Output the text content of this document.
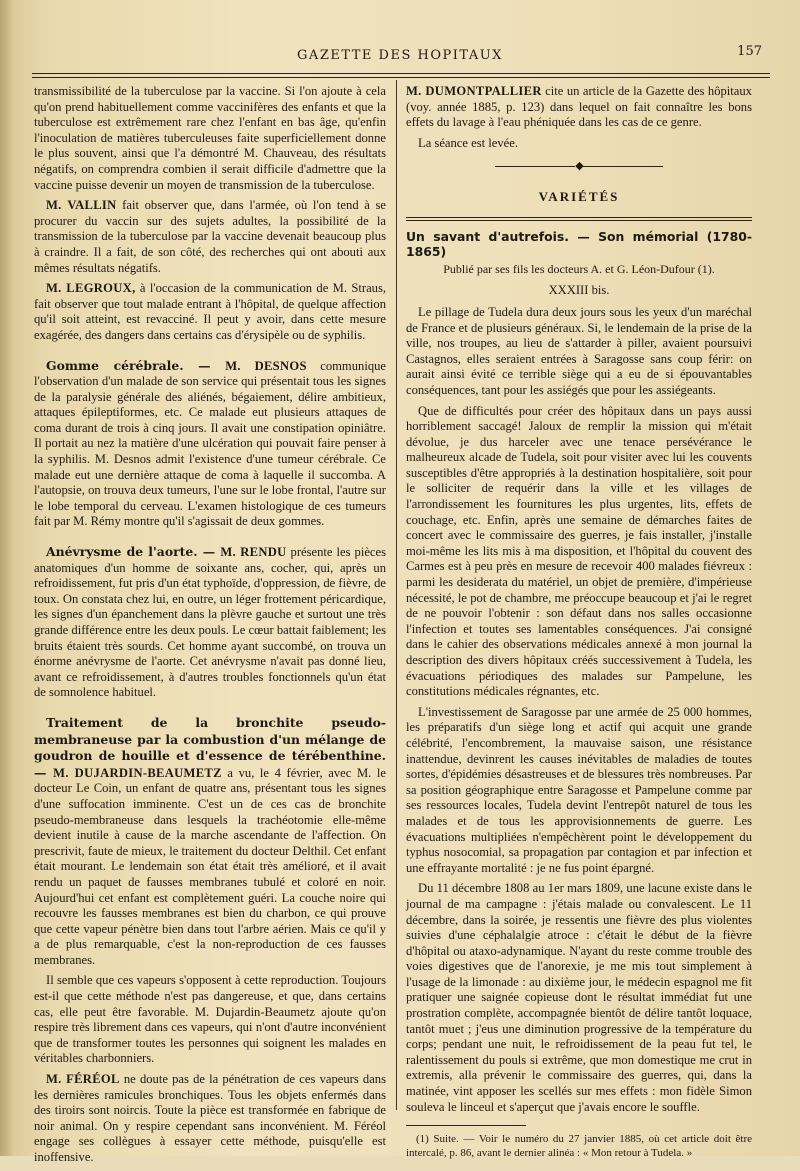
GAZETTE DES HOPITAUX	157

transmissibilité de la tuberculose par la vaccine. Si l'on ajoute à cela qu'on prend habituellement comme vaccinifères des enfants et que la tuberculose est extrêmement rare chez l'enfant en bas âge, qu'enfin l'inoculation de matières tuberculeuses faite superficiellement donne le plus souvent, ainsi que l'a démontré M. Chauveau, des résultats négatifs, on comprendra combien il serait difficile d'admettre que la vaccine puisse devenir un moyen de transmission de la tuberculose.

M. VALLIN fait observer que, dans l'armée, où l'on tend à se procurer du vaccin sur des sujets adultes, la possibilité de la transmission de la tuberculose par la vaccine devenait beaucoup plus à craindre. Il a fait, de son côté, des recherches qui ont abouti aux mêmes résultats négatifs.

M. LEGROUX, à l'occasion de la communication de M. Straus, fait observer que tout malade entrant à l'hôpital, de quelque affection qu'il soit atteint, est revacciné. Il peut y avoir, dans cette mesure exagérée, des dangers dans certains cas d'érysipèle ou de syphilis.

Gomme cérébrale. — M. DESNOS communique l'observation d'un malade de son service qui présentait tous les signes de la paralysie générale des aliénés, bégaiement, délire ambitieux, attaques épileptiformes, etc. Ce malade eut plusieurs attaques de coma durant de trois à cinq jours. Il avait une constipation opiniâtre. Il portait au nez la matière d'une ulcération qui pouvait faire penser à la syphilis. M. Desnos admit l'existence d'une tumeur cérébrale. Ce malade eut une dernière attaque de coma à laquelle il succomba. A l'autopsie, on trouva deux tumeurs, l'une sur le lobe frontal, l'autre sur le lobe temporal du cerveau. L'examen histologique de ces tumeurs fait par M. Rémy montre qu'il s'agissait de deux gommes.

Anévrysme de l'aorte. — M. RENDU présente les pièces anatomiques d'un homme de soixante ans, cocher, qui, après un refroidissement, fut pris d'un état typhoïde, d'oppression, de fièvre, de toux. On constata chez lui, en outre, un léger frottement péricardique, les signes d'un épanchement dans la plèvre gauche et surtout une très grande différence entre les deux pouls. Le cœur battait faiblement; les bruits étaient très sourds. Cet homme ayant succombé, on trouva un énorme anévrysme de l'aorte. Cet anévrysme n'avait pas donné lieu, avant ce refroidissement, à d'autres troubles fonctionnels qu'un état de somnolence habituel.

Traitement de la bronchite pseudo-membraneuse par la combustion d'un mélange de goudron de houille et d'essence de térébenthine. — M. DUJARDIN-BEAUMETZ a vu, le 4 février, avec M. le docteur Le Coin, un enfant de quatre ans, présentant tous les signes d'une suffocation imminente. C'est un de ces cas de bronchite pseudo-membraneuse dans lesquels la trachéotomie elle-même devient inutile à cause de la marche ascendante de l'affection. On prescrivit, faute de mieux, le traitement du docteur Delthil. Cet enfant était mourant. Le lendemain son état était très amélioré, et il avait rendu un paquet de fausses membranes tubulé et coloré en noir. Aujourd'hui cet enfant est complètement guéri. La couche noire qui recouvre les fausses membranes est bien du charbon, ce qui prouve que cette vapeur pénètre bien dans tout l'arbre aérien. Mais ce qu'il y a de plus remarquable, c'est la non-reproduction de ces fausses membranes.

Il semble que ces vapeurs s'opposent à cette reproduction. Toujours est-il que cette méthode n'est pas dangereuse, et que, dans certains cas, elle peut être favorable. M. Dujardin-Beaumetz ajoute qu'on respire très librement dans ces vapeurs, qui n'ont d'autre inconvénient que de transformer toutes les personnes qui soignent les malades en véritables charbonniers.

M. FÉRÉOL ne doute pas de la pénétration de ces vapeurs dans les dernières ramicules bronchiques. Tous les objets enfermés dans des tiroirs sont noircis. Toute la pièce est transformée en fabrique de noir animal. On y respire cependant sans inconvénient. M. Féréol engage ses collègues à essayer cette méthode, puisqu'elle est inoffensive.

M. DUMONTPALLIER cite un article de la Gazette des hôpitaux (voy. année 1885, p. 123) dans lequel on fait connaître les bons effets du lavage à l'eau phéniquée dans les cas de ce genre.

La séance est levée.

◆
VARIÉTÉS
Un savant d'autrefois. — Son mémorial (1780-1865)
Publié par ses fils les docteurs A. et G. Léon-Dufour (1).
XXXIII bis.

Le pillage de Tudela dura deux jours sous les yeux d'un maréchal de France et de plusieurs généraux. Si, le lendemain de la prise de la ville, nos troupes, au lieu de s'attarder à piller, avaient poursuivi Castagnos, elles seraient entrées à Saragosse sans coup férir: on aurait ainsi évité ce terrible siège qui a eu de si épouvantables conséquences, tant pour les assiégés que pour les assiégeants.

Que de difficultés pour créer des hôpitaux dans un pays aussi horriblement saccagé! Jaloux de remplir la mission qui m'était dévolue, je dus harceler avec une tenace persévérance le malheureux alcade de Tudela, soit pour visiter avec lui les couvents susceptibles d'être appropriés à la destination hospitalière, soit pour le solliciter de requérir dans la ville et les villages de l'arrondissement les fournitures les plus urgentes, lits, effets de couchage, etc. Enfin, après une semaine de démarches faites de concert avec le commissaire des guerres, je fais installer, j'installe moi-même les lits mis à ma disposition, et l'hôpital du couvent des Carmes est à peu près en mesure de recevoir 400 malades fiévreux : parmi les desiderata du matériel, un objet de première, d'impérieuse nécessité, le pot de chambre, me préoccupe beaucoup et j'ai le regret de ne pouvoir l'obtenir : son défaut dans nos salles occasionne l'infection et toutes ses lamentables conséquences. J'ai consigné dans le cahier des observations médicales annexé à mon journal la description des divers hôpitaux créés successivement à Tudela, les évacuations périodiques des malades sur Pampelune, les constitutions médicales régnantes, etc.

L'investissement de Saragosse par une armée de 25 000 hommes, les préparatifs d'un siège long et actif qui acquit une grande célébrité, l'encombrement, la mauvaise saison, une résistance inattendue, devinrent les causes inévitables de maladies de toutes sortes, d'épidémies désastreuses et de blessures très nombreuses. Par sa position géographique entre Saragosse et Pampelune comme par ses ressources locales, Tudela devint l'entrepôt naturel de tous les malades et de tous les approvisionnements de guerre. Les évacuations multipliées n'empêchèrent point le développement du typhus nosocomial, sa propagation par contagion et par infection et une effrayante mortalité : je ne fus point épargné.

Du 11 décembre 1808 au 1er mars 1809, une lacune existe dans le journal de ma campagne : j'étais malade ou convalescent. Le 11 décembre, dans la soirée, je ressentis une fièvre des plus violentes suivies d'une céphalalgie atroce : c'était le début de la fièvre d'hôpital ou ataxo-adynamique. N'ayant du reste comme trouble des voies digestives que de l'anorexie, je me mis tout simplement à l'usage de la limonade : au dixième jour, le médecin espagnol me fit pratiquer une saignée copieuse dont le résultat immédiat fut une prostration complète, accompagnée bientôt de délire tantôt loquace, tantôt muet ; j'eus une diminution progressive de la température du corps; pendant une nuit, le refroidissement de la peau fut tel, le ralentissement du pouls si extrême, que mon domestique me crut in extremis, alla prévenir le commissaire des guerres, qui, dans la matinée, vint apposer les scellés sur mes effets : mon fidèle Simon souleva le linceul et s'aperçut que j'avais encore le souffle.

(1) Suite. — Voir le numéro du 27 janvier 1885, où cet article doit être intercalé, p. 86, avant le dernier alinéa : « Mon retour à Tudela. »
